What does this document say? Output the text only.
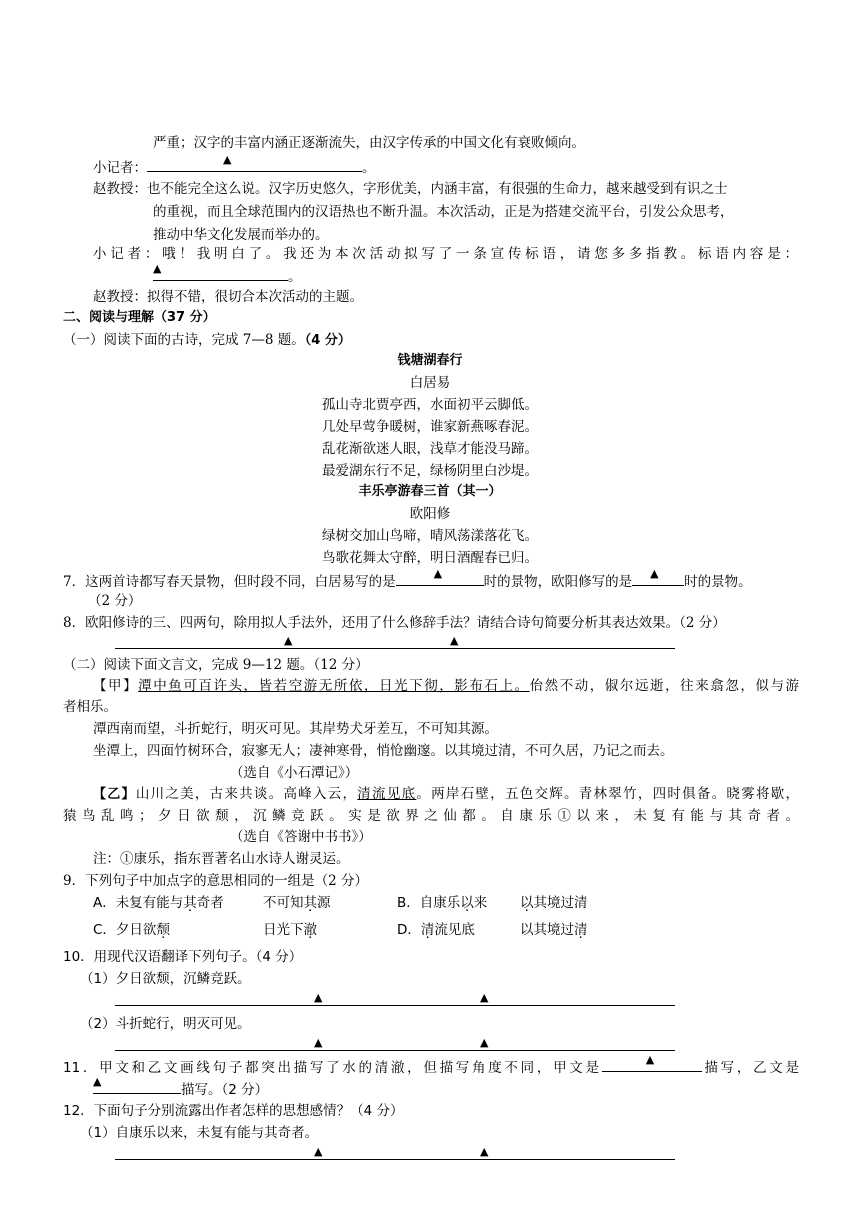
严重；汉字的丰富内涵正逐渐流失，由汉字传承的中国文化有衰败倾向。
小记者：
▲
。
赵教授：也不能完全这么说。汉字历史悠久，字形优美，内涵丰富，有很强的生命力，越来越受到有识之士
的重视，而且全球范围内的汉语热也不断升温。本次活动，正是为搭建交流平台，引发公众思考，
推动中华文化发展而举办的。
小记者：哦！我明白了。我还为本次活动拟写了一条宣传标语，请您多多指教。标语内容是：
▲
。
赵教授：拟得不错，很切合本次活动的主题。
二、阅读与理解（37 分）
（一）阅读下面的古诗，完成 7—8 题。（4 分）
钱塘湖春行
白居易
孤山寺北贾亭西，水面初平云脚低。
几处早莺争暖树，谁家新燕啄春泥。
乱花渐欲迷人眼，浅草才能没马蹄。
最爱湖东行不足，绿杨阴里白沙堤。
丰乐亭游春三首（其一）
欧阳修
绿树交加山鸟啼，晴风荡漾落花飞。
鸟歌花舞太守醉，明日酒醒春已归。
7．这两首诗都写春天景物，但时段不同，白居易写的是
▲
时的景物，欧阳修写的是
▲
时的景物。
（2 分）
8．欧阳修诗的三、四两句，除用拟人手法外，还用了什么修辞手法？请结合诗句简要分析其表达效果。（2 分）
▲	▲
（二）阅读下面文言文，完成 9—12 题。（12 分）
【甲】潭中鱼可百许头，皆若空游无所依，日光下彻，影布石上。佁然不动，俶尔远逝，往来翕忽，似与游
者相乐。
潭西南而望，斗折蛇行，明灭可见。其岸势犬牙差互，不可知其源。
坐潭上，四面竹树环合，寂寥无人；凄神寒骨，悄怆幽邃。以其境过清，不可久居，乃记之而去。
（选自《小石潭记》）
【乙】山川之美，古来共谈。高峰入云，清流见底。两岸石壁，五色交辉。青林翠竹，四时俱备。晓雾将歇，
猿鸟乱鸣；夕日欲颓，沉鳞竞跃。实是欲界之仙都。自康乐①以来，未复有能与其奇者。
（选自《答谢中书书》）
注：①康乐，指东晋著名山水诗人谢灵运。
9．下列句子中加点字的意思相同的一组是（2 分）
A．未复有能与其奇者	不可知其源	B．自康乐以来 以其境过清
C．夕日欲颓	日光下澈	D．清流见底	以其境过清
10．用现代汉语翻译下列句子。（4 分）
（1）夕日欲颓，沉鳞竞跃。
▲	▲
（2）斗折蛇行，明灭可见。
▲	▲
11．甲文和乙文画线句子都突出描写了水的清澈，但描写角度不同，甲文是
▲
描写，乙文是
▲
描写。（2 分）
12．下面句子分别流露出作者怎样的思想感情？（4 分）
（1）自康乐以来，未复有能与其奇者。
▲	▲
